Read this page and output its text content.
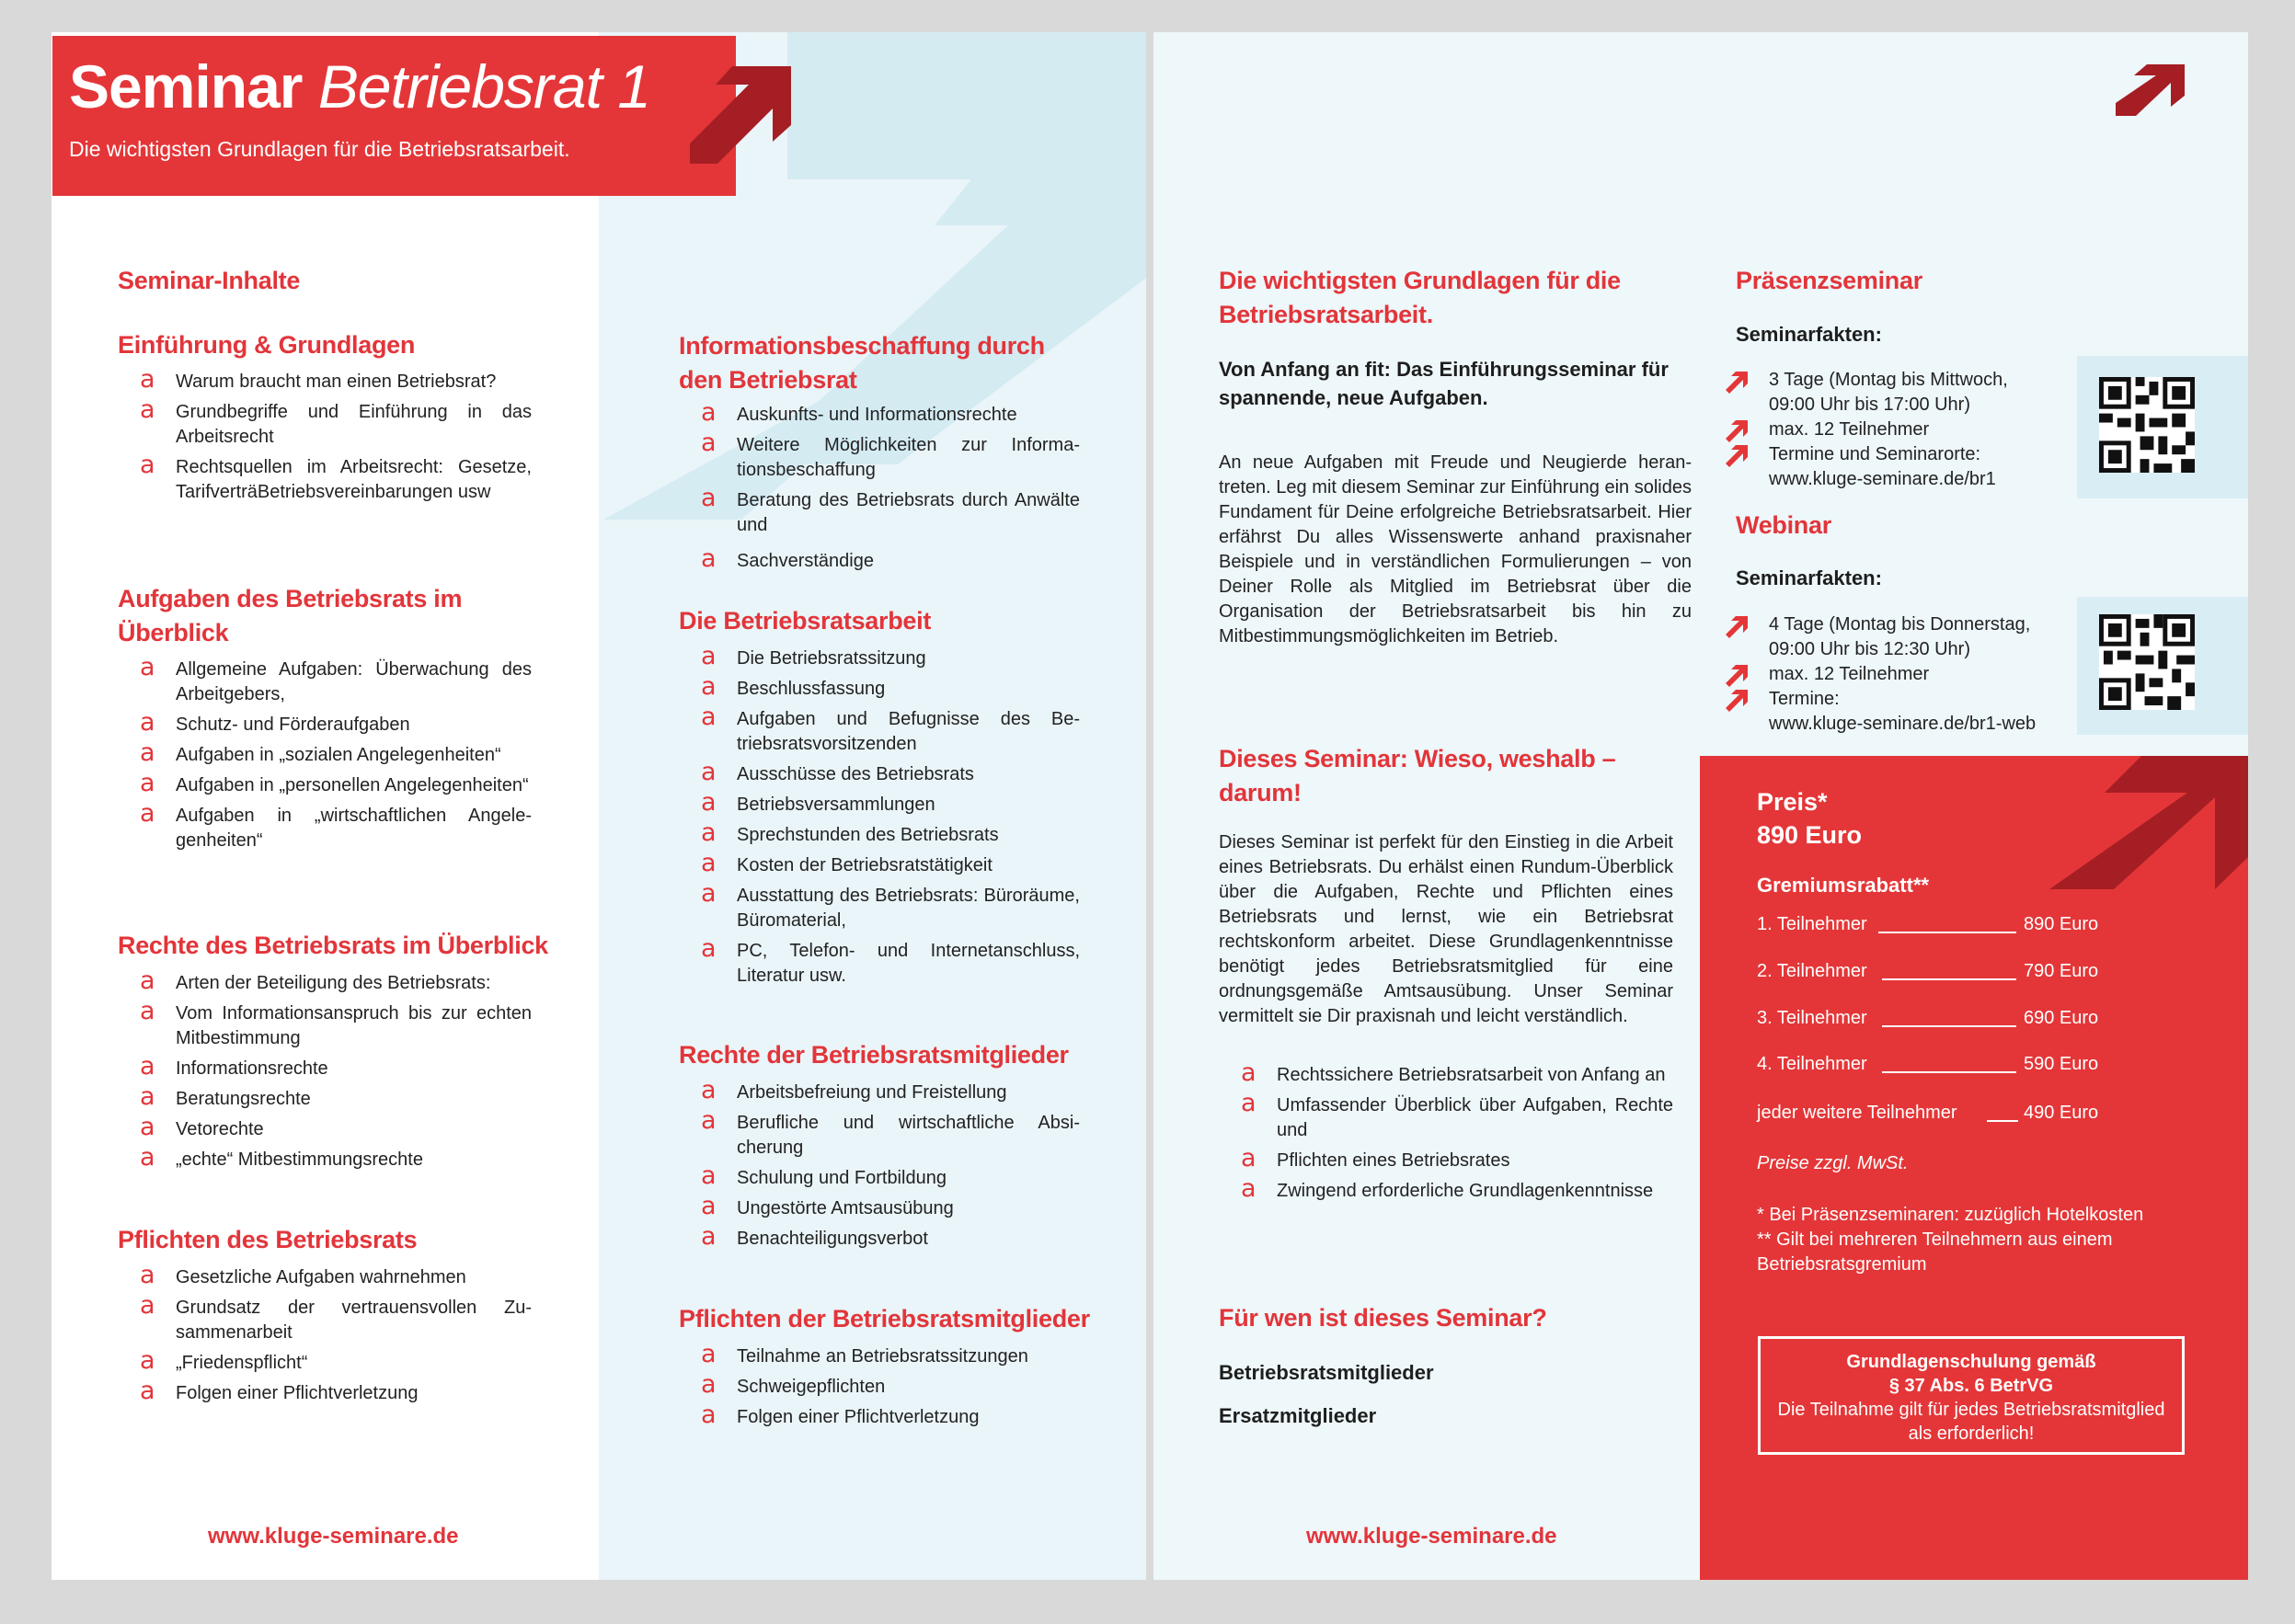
Seminar Betriebsrat 1
Die wichtigsten Grundlagen für die Betriebsratsarbeit.
Seminar-Inhalte
Einführung & Grundlagen
a Warum braucht man einen Betriebsrat?
a Grundbegriffe und Einführung in das Arbeitsrecht
a Rechtsquellen im Arbeitsrecht: Gesetze, TarifverträBetriebsvereinbarungen usw
Aufgaben des Betriebsrats im Überblick
a Allgemeine Aufgaben: Überwachung des Arbeitgebers,
a Schutz- und Förderaufgaben
a Aufgaben in „sozialen Angelegenheiten“
a Aufgaben in „personellen Angelegenheiten“
a Aufgaben in „wirtschaftlichen Angelegenheiten“
Rechte des Betriebsrats im Überblick
a Arten der Beteiligung des Betriebsrats:
a Vom Informationsanspruch bis zur echten Mitbestimmung
a Informationsrechte
a Beratungsrechte
a Vetorechte
a „echte“ Mitbestimmungsrechte
Pflichten des Betriebsrats
a Gesetzliche Aufgaben wahrnehmen
a Grundsatz der vertrauensvollen Zusammenarbeit
a „Friedenspflicht“
a Folgen einer Pflichtverletzung
www.kluge-seminare.de
Informationsbeschaffung durch den Betriebsrat
a Auskunfts- und Informationsrechte
a Weitere Möglichkeiten zur Informationsbeschaffung
a Beratung des Betriebsrats durch Anwälte und
a Sachverständige
Die Betriebsratsarbeit
a Die Betriebsratssitzung
a Beschlussfassung
a Aufgaben und Befugnisse des Betriebsratsvorsitzenden
a Ausschüsse des Betriebsrats
a Betriebsversammlungen
a Sprechstunden des Betriebsrats
a Kosten der Betriebsratstätigkeit
a Ausstattung des Betriebsrats: Büroräume, Büromaterial,
a PC, Telefon- und Internetanschluss, Literatur usw.
Rechte der Betriebsratsmitglieder
a Arbeitsbefreiung und Freistellung
a Berufliche und wirtschaftliche Absicherung
a Schulung und Fortbildung
a Ungestörte Amtsausübung
a Benachteiligungsverbot
Pflichten der Betriebsratsmitglieder
a Teilnahme an Betriebsratssitzungen
a Schweigepflichten
a Folgen einer Pflichtverletzung
Die wichtigsten Grundlagen für die Betriebsratsarbeit.
Von Anfang an fit: Das Einführungsseminar für spannende, neue Aufgaben.
An neue Aufgaben mit Freude und Neugierde herantreten. Leg mit diesem Seminar zur Einführung ein solides Fundament für Deine erfolgreiche Betriebsratsarbeit. Hier erfährst Du alles Wissenswerte anhand praxisnaher Beispiele und in verständlichen Formulierungen – von Deiner Rolle als Mitglied im Betriebsrat über die Organisation der Betriebsratsarbeit bis hin zu Mitbestimmungsmöglichkeiten im Betrieb.
Dieses Seminar: Wieso, weshalb – darum!
Dieses Seminar ist perfekt für den Einstieg in die Arbeit eines Betriebsrats. Du erhälst einen Rundum-Überblick über die Aufgaben, Rechte und Pflichten eines Betriebsrats und lernst, wie ein Betriebsrat rechtskonform arbeitet. Diese Grundlagenkenntnisse benötigt jedes Betriebsratsmitglied für eine ordnungsgemäße Amtsausübung. Unser Seminar vermittelt sie Dir praxisnah und leicht verständlich.
a Rechtssichere Betriebsratsarbeit von Anfang an
a Umfassender Überblick über Aufgaben, Rechte und
a Pflichten eines Betriebsrates
a Zwingend erforderliche Grundlagenkenntnisse
Für wen ist dieses Seminar?
Betriebsratsmitglieder
Ersatzmitglieder
www.kluge-seminare.de
Präsenzseminar
Seminarfakten:
3 Tage (Montag bis Mittwoch,
09:00 Uhr bis 17:00 Uhr)
max. 12 Teilnehmer
Termine und Seminarorte:
www.kluge-seminare.de/br1
Webinar
Seminarfakten:
4 Tage (Montag bis Donnerstag,
09:00 Uhr bis 12:30 Uhr)
max. 12 Teilnehmer
Termine:
www.kluge-seminare.de/br1-web
Preis*
890 Euro
Gremiumsrabatt**
1. Teilnehmer	890 Euro
2. Teilnehmer	790 Euro
3. Teilnehmer	690 Euro
4. Teilnehmer	590 Euro
jeder weitere Teilnehmer	490 Euro
Preise zzgl. MwSt.
* Bei Präsenzseminaren: zuzüglich Hotelkosten
** Gilt bei mehreren Teilnehmern aus einem Betriebsratsgremium
Grundlagenschulung gemäß
§ 37 Abs. 6 BetrVG
Die Teilnahme gilt für jedes Betriebsratsmitglied als erforderlich!
